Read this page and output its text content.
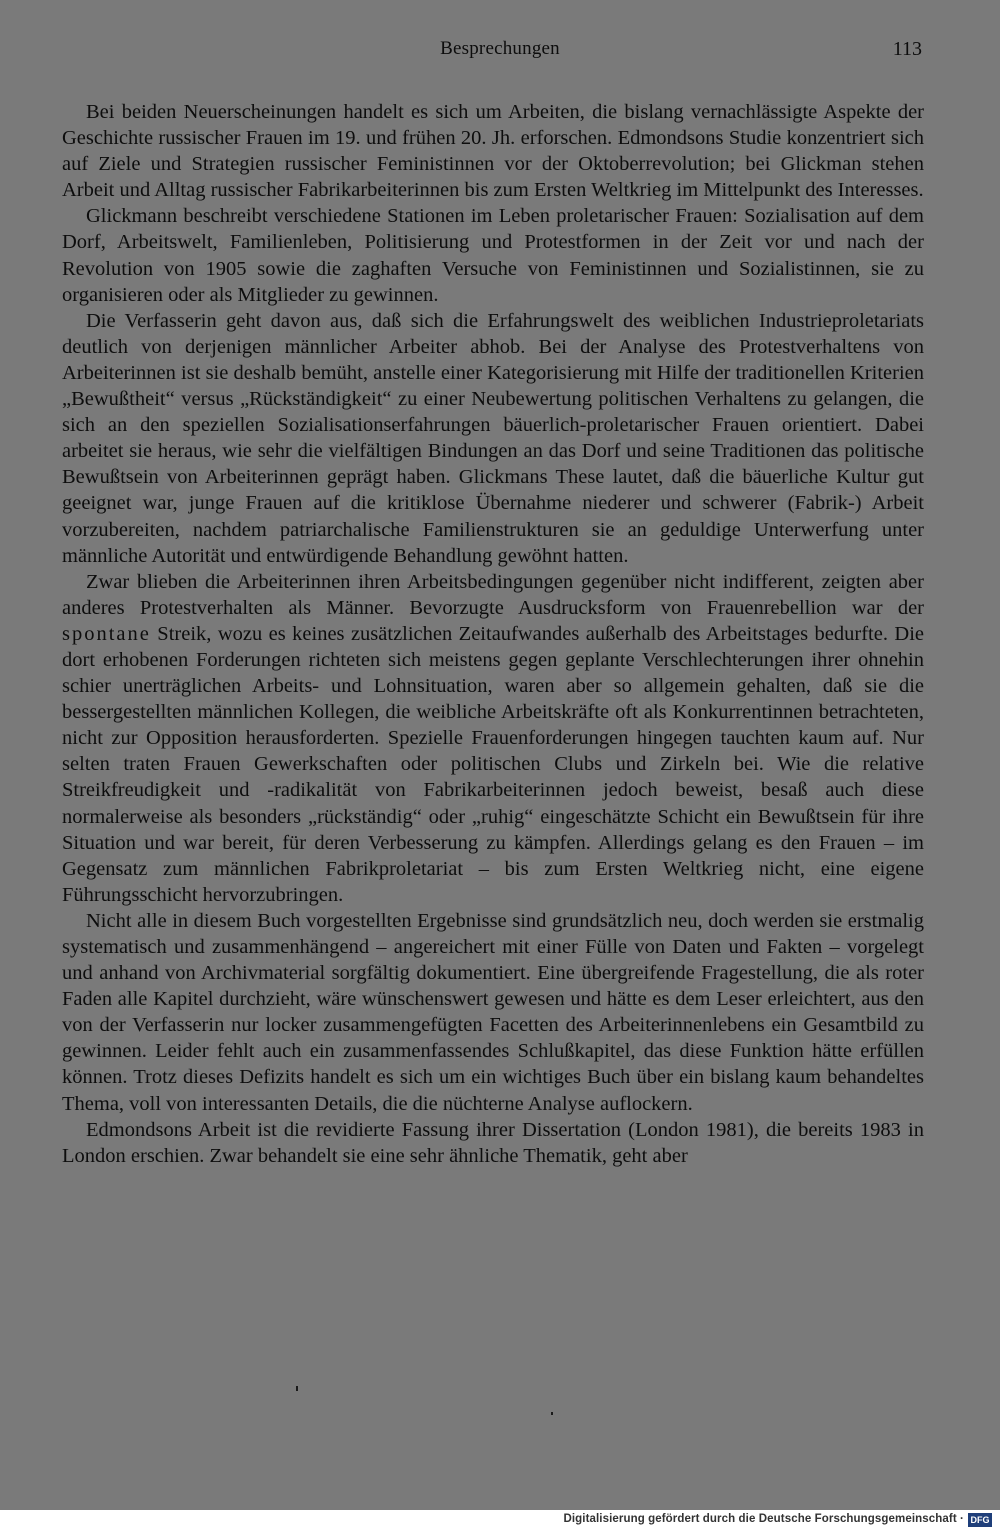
Besprechungen	113

Bei beiden Neuerscheinungen handelt es sich um Arbeiten, die bislang vernachlässigte Aspekte der Geschichte russischer Frauen im 19. und frühen 20. Jh. erforschen. Edmondsons Studie konzentriert sich auf Ziele und Strategien russischer Feministinnen vor der Oktoberrevolution; bei Glickman stehen Arbeit und Alltag russischer Fabrikarbeiterinnen bis zum Ersten Weltkrieg im Mittelpunkt des Interesses.

Glickmann beschreibt verschiedene Stationen im Leben proletarischer Frauen: Sozialisation auf dem Dorf, Arbeitswelt, Familienleben, Politisierung und Protestformen in der Zeit vor und nach der Revolution von 1905 sowie die zaghaften Versuche von Feministinnen und Sozialistinnen, sie zu organisieren oder als Mitglieder zu gewinnen.

Die Verfasserin geht davon aus, daß sich die Erfahrungswelt des weiblichen Industrieproletariats deutlich von derjenigen männlicher Arbeiter abhob. Bei der Analyse des Protestverhaltens von Arbeiterinnen ist sie deshalb bemüht, anstelle einer Kategorisierung mit Hilfe der traditionellen Kriterien „Bewußtheit“ versus „Rückständigkeit“ zu einer Neubewertung politischen Verhaltens zu gelangen, die sich an den speziellen Sozialisationserfahrungen bäuerlich-proletarischer Frauen orientiert. Dabei arbeitet sie heraus, wie sehr die vielfältigen Bindungen an das Dorf und seine Traditionen das politische Bewußtsein von Arbeiterinnen geprägt haben. Glickmans These lautet, daß die bäuerliche Kultur gut geeignet war, junge Frauen auf die kritiklose Übernahme niederer und schwerer (Fabrik-) Arbeit vorzubereiten, nachdem patriarchalische Familienstrukturen sie an geduldige Unterwerfung unter männliche Autorität und entwürdigende Behandlung gewöhnt hatten.

Zwar blieben die Arbeiterinnen ihren Arbeitsbedingungen gegenüber nicht indifferent, zeigten aber anderes Protestverhalten als Männer. Bevorzugte Ausdrucksform von Frauenrebellion war der spontane Streik, wozu es keines zusätzlichen Zeitaufwandes außerhalb des Arbeitstages bedurfte. Die dort erhobenen Forderungen richteten sich meistens gegen geplante Verschlechterungen ihrer ohnehin schier unerträglichen Arbeits- und Lohnsituation, waren aber so allgemein gehalten, daß sie die bessergestellten männlichen Kollegen, die weibliche Arbeitskräfte oft als Konkurrentinnen betrachteten, nicht zur Opposition herausforderten. Spezielle Frauenforderungen hingegen tauchten kaum auf. Nur selten traten Frauen Gewerkschaften oder politischen Clubs und Zirkeln bei. Wie die relative Streikfreudigkeit und -radikalität von Fabrikarbeiterinnen jedoch beweist, besaß auch diese normalerweise als besonders „rückständig“ oder „ruhig“ eingeschätzte Schicht ein Bewußtsein für ihre Situation und war bereit, für deren Verbesserung zu kämpfen. Allerdings gelang es den Frauen – im Gegensatz zum männlichen Fabrikproletariat – bis zum Ersten Weltkrieg nicht, eine eigene Führungsschicht hervorzubringen.

Nicht alle in diesem Buch vorgestellten Ergebnisse sind grundsätzlich neu, doch werden sie erstmalig systematisch und zusammenhängend – angereichert mit einer Fülle von Daten und Fakten – vorgelegt und anhand von Archivmaterial sorgfältig dokumentiert. Eine übergreifende Fragestellung, die als roter Faden alle Kapitel durchzieht, wäre wünschenswert gewesen und hätte es dem Leser erleichtert, aus den von der Verfasserin nur locker zusammengefügten Facetten des Arbeiterinnenlebens ein Gesamtbild zu gewinnen. Leider fehlt auch ein zusammenfassendes Schlußkapitel, das diese Funktion hätte erfüllen können. Trotz dieses Defizits handelt es sich um ein wichtiges Buch über ein bislang kaum behandeltes Thema, voll von interessanten Details, die die nüchterne Analyse auflockern.

Edmondsons Arbeit ist die revidierte Fassung ihrer Dissertation (London 1981), die bereits 1983 in London erschien. Zwar behandelt sie eine sehr ähnliche Thematik, geht aber

Digitalisierung gefördert durch die Deutsche Forschungsgemeinschaft · DFG
